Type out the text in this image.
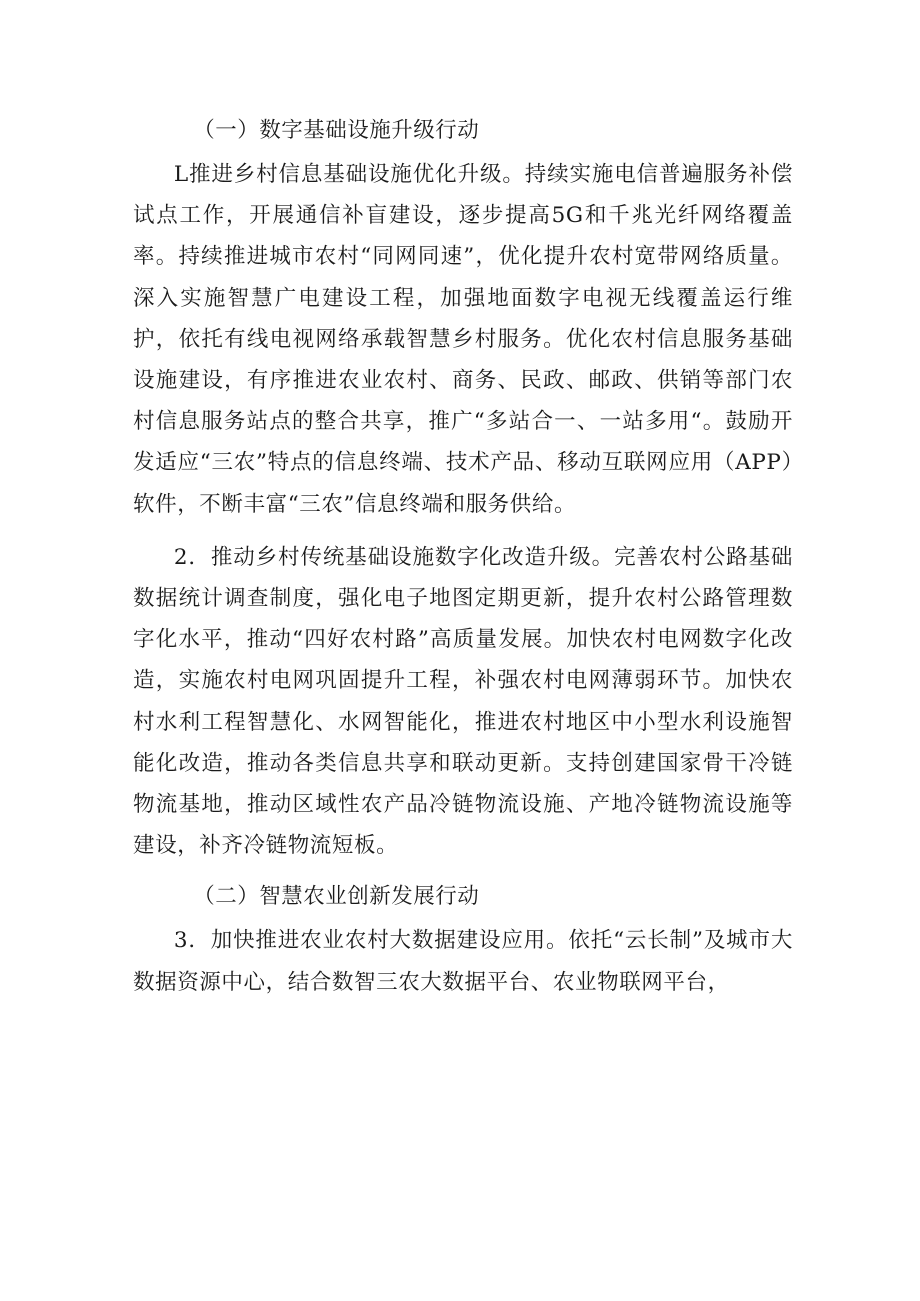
（一）数字基础设施升级行动

L推进乡村信息基础设施优化升级。持续实施电信普遍服务补偿试点工作，开展通信补盲建设，逐步提高5G和千兆光纤网络覆盖率。持续推进城市农村“同网同速”，优化提升农村宽带网络质量。深入实施智慧广电建设工程，加强地面数字电视无线覆盖运行维护，依托有线电视网络承载智慧乡村服务。优化农村信息服务基础设施建设，有序推进农业农村、商务、民政、邮政、供销等部门农村信息服务站点的整合共享，推广“多站合一、一站多用“。鼓励开发适应“三农”特点的信息终端、技术产品、移动互联网应用（APP）软件，不断丰富“三农”信息终端和服务供给。

2．推动乡村传统基础设施数字化改造升级。完善农村公路基础数据统计调查制度，强化电子地图定期更新，提升农村公路管理数字化水平，推动“四好农村路”高质量发展。加快农村电网数字化改造，实施农村电网巩固提升工程，补强农村电网薄弱环节。加快农村水利工程智慧化、水网智能化，推进农村地区中小型水利设施智能化改造，推动各类信息共享和联动更新。支持创建国家骨干冷链物流基地，推动区域性农产品冷链物流设施、产地冷链物流设施等建设，补齐冷链物流短板。

（二）智慧农业创新发展行动

3．加快推进农业农村大数据建设应用。依托“云长制”及城市大数据资源中心，结合数智三农大数据平台、农业物联网平台，
